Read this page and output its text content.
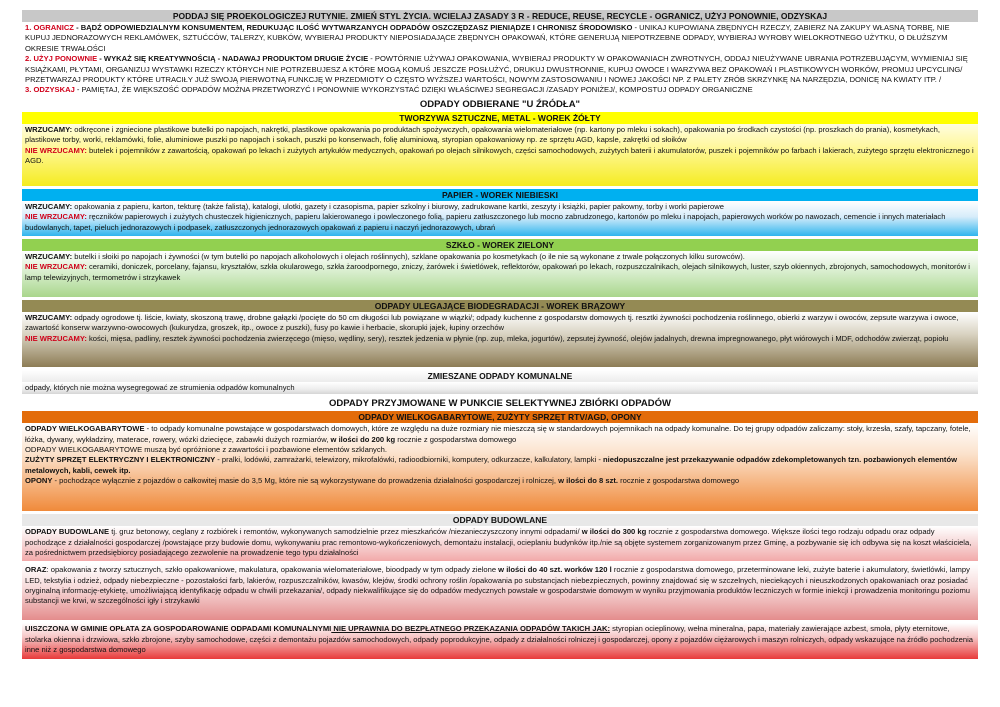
PODDAJ SIĘ PROEKOLOGICZEJ RUTYNIE. ZMIEŃ STYL ŻYCIA. WCIELAJ ZASADY 3 R - REDUCE, REUSE, RECYCLE - OGRANICZ, UŻYJ PONOWNIE, ODZYSKAJ
1. OGRANICZ - BĄDŹ ODPOWIEDZIALNYM KONSUMENTEM, REDUKUJĄC ILOŚĆ WYTWARZANYCH ODPADÓW OSZCZĘDZASZ PIENIĄDZE I CHRONISZ ŚRODOWISKO - UNIKAJ KUPOWIANA ZBĘDNYCH RZECZY, ZABIERZ NA ZAKUPY WŁASNĄ TORBĘ, NIE KUPUJ JEDNORAZOWYCH REKLAMÓWEK, SZTUĆCÓW, TALERZY, KUBKÓW, WYBIERAJ PRODUKTY NIEPOSIADAJĄCE ZBĘDNYCH OPAKOWAŃ, KTÓRE GENERUJĄ NIEPOTRZEBNE ODPADY, WYBIERAJ WYROBY WIELOKROTNEGO UŻYTKU, O DŁUŻSZYM OKRESIE TRWAŁOŚCI
2. UŻYJ PONOWNIE - WYKAŻ SIĘ KREATYWNOŚCIĄ - NADAWAJ PRODUKTOM DRUGIE ŻYCIE - POWTÓRNIE UŻYWAJ OPAKOWANIA, WYBIERAJ PRODUKTY W OPAKOWANIACH ZWROTNYCH, ODDAJ NIEUŻYWANE UBRANIA POTRZEBUJĄCYM, WYMIENIAJ SIĘ KSIĄŻKAMI, PŁYTAMI, ORGANIZUJ WYSTAWKI RZECZY KTÓRYCH NIE POTRZEBUJESZ A KTÓRE MOGĄ KOMUŚ JESZCZE POSŁUŻYĆ, DRUKUJ DWUSTRONNIE, KUPUJ OWOCE I WARZYWA BEZ OPAKOWAŃ I PLASTIKOWYCH WORKÓW, PROMUJ UPCYCLING/ PRZETWARZAJ PRODUKTY KTÓRE UTRACIŁY JUŻ SWOJĄ PIERWOTNĄ FUNKCJĘ W PRZEDMIOTY O CZĘSTO WYŻSZEJ WARTOŚCI, NOWYM ZASTOSOWANIU I NOWEJ JAKOŚCI NP. Z PALETY ZRÓB SKRZYNKĘ NA NARZĘDZIA, DONICĘ NA KWIATY ITP. /
3. ODZYSKAJ - PAMIĘTAJ, ŻE WIĘKSZOŚĆ ODPADÓW MOŻNA PRZETWORZYĆ I PONOWNIE WYKORZYSTAĆ DZIĘKI WŁAŚCIWEJ SEGREGACJI /ZASADY PONIŻEJ/, KOMPOSTUJ ODPADY ORGANICZNE
ODPADY ODBIERANE "U ŹRÓDŁA"
TWORZYWA SZTUCZNE, METAL - WOREK ŻÓŁTY
WRZUCAMY: odkręcone i zgniecione plastikowe butelki po napojach, nakrętki, plastikowe opakowania po produktach spożywczych, opakowania wielomateriałowe (np. kartony po mleku i sokach), opakowania po środkach czystości (np. proszkach do prania), kosmetykach, plastikowe torby, worki, reklamówki, folie, aluminiowe puszki po napojach i sokach, puszki po konserwach, folię aluminiową, styropian opakowaniowy np. ze sprzętu AGD, kapsle, zakrętki od słoików
NIE WRZUCAMY: butelek i pojemników z zawartością, opakowań po lekach i zużytych artykułów medycznych, opakowań po olejach silnikowych, części samochodowych, zużytych baterii i akumulatorów, puszek i pojemników po farbach i lakierach, zużytego sprzętu elektronicznego i AGD.
PAPIER - WOREK NIEBIESKI
WRZUCAMY: opakowania z papieru, karton, tekturę (także falistą), katalogi, ulotki, gazety i czasopisma, papier szkolny i biurowy, zadrukowane kartki, zeszyty i książki, papier pakowny, torby i worki papierowe
NIE WRZUCAMY: ręczników papierowych i zużytych chusteczek higienicznych, papieru lakierowanego i powleczonego folią, papieru zatłuszczonego lub mocno zabrudzonego, kartonów po mleku i napojach, papierowych worków po nawozach, cemencie i innych materiałach budowlanych, tapet, pieluch jednorazowych i podpasek, zatłuszczonych jednorazowych opakowań z papieru i naczyń jednorazowych, ubrań
SZKŁO - WOREK ZIELONY
WRZUCAMY: butelki i słoiki po napojach i żywności (w tym butelki po napojach alkoholowych i olejach roślinnych), szklane opakowania po kosmetykach (o ile nie są wykonane z trwale połączonych kilku surowców).
NIE WRZUCAMY: ceramiki, doniczek, porcelany, fajansu, kryształów, szkła okularowego, szkła żaroodpornego, zniczy, żarówek i świetlówek, reflektorów, opakowań po lekach, rozpuszczalnikach, olejach silnikowych, luster, szyb okiennych, zbrojonych, samochodowych, monitorów i lamp telewizyjnych, termometrów i strzykawek
ODPADY ULEGAJĄCE BIODEGRADACJI - WOREK BRĄZOWY
WRZUCAMY: odpady ogrodowe tj. liście, kwiaty, skoszoną trawę, drobne gałązki /pocięte do 50 cm długości lub powiązane w wiązki/; odpady kuchenne z gospodarstw domowych tj. resztki żywności pochodzenia roślinnego, obierki z warzyw i owoców, zepsute warzywa i owoce, zawartość konserw warzywno-owocowych (kukurydza, groszek, itp., owoce z puszki), fusy po kawie i herbacie, skorupki jajek, łupiny orzechów
NIE WRZUCAMY: kości, mięsa, padliny, resztek żywności pochodzenia zwierzęcego (mięso, wędliny, sery), resztek jedzenia w płynie (np. zup, mleka, jogurtów), zepsutej żywność, olejów jadalnych, drewna impregnowanego, płyt wiórowych i MDF, odchodów zwierząt, popiołu
ZMIESZANE ODPADY KOMUNALNE
odpady, których nie można wysegregować ze strumienia odpadów komunalnych
ODPADY PRZYJMOWANE W PUNKCIE SELEKTYWNEJ ZBIÓRKI ODPADÓW
ODPADY WIELKOGABARYTOWE, ZUŻYTY SPRZĘT RTV/AGD, OPONY
ODPADY WIELKOGABARYTOWE - to odpady komunalne powstające w gospodarstwach domowych, które ze względu na duże rozmiary nie mieszczą się w standardowych pojemnikach na odpady komunalne. Do tej grupy odpadów zaliczamy: stoły, krzesła, szafy, tapczany, fotele, łóżka, dywany, wykładziny, materace, rowery, wózki dziecięce, zabawki dużych rozmiarów, w ilości do 200 kg rocznie z gospodarstwa domowego
ODPADY WIELKOGABARYTOWE muszą być opróżnione z zawartości i pozbawione elementów szklanych.
ZUŻYTY SPRZĘT ELEKTRYCZNY I ELEKTRONICZNY - pralki, lodówki, zamrażarki, telewizory, mikrofalówki, radioodbiorniki, komputery, odkurzacze, kalkulatory, lampki - niedopuszczalne jest przekazywanie odpadów zdekompletowanych tzn. pozbawionych elementów metalowych, kabli, cewek itp.
OPONY - pochodzące wyłącznie z pojazdów o całkowitej masie do 3,5 Mg, które nie są wykorzystywane do prowadzenia działalności gospodarczej i rolniczej, w ilości do 8 szt. rocznie z gospodarstwa domowego
ODPADY BUDOWLANE
ODPADY BUDOWLANE tj. gruz betonowy, ceglany z rozbiórek i remontów, wykonywanych samodzielnie przez mieszkańców /niezanieczyszczony innymi odpadami/ w ilości do 300 kg rocznie z gospodarstwa domowego. Większe ilości tego rodzaju odpadu oraz odpady pochodzące z działalności gospodarczej /powstające przy budowie domu, wykonywaniu prac remontowo-wykończeniowych, demontażu instalacji, ocieplaniu budynków itp./nie są objęte systemem zorganizowanym przez Gminę, a pozbywanie się ich odbywa się na koszt właściciela, za pośrednictwem przedsiębiorcy posiadającego zezwolenie na prowadzenie tego typu działalności
ORAZ: opakowania z tworzy sztucznych, szkło opakowaniowe, makulatura, opakowania wielomateriałowe, bioodpady w tym odpady zielone w ilości do 40 szt. worków 120 l rocznie z gospodarstwa domowego, przeterminowane leki, zużyte baterie i akumulatory, świetlówki, lampy LED, tekstylia i odzież, odpady niebezpieczne - pozostałości farb, lakierów, rozpuszczalników, kwasów, klejów, środki ochrony roślin /opakowania po substancjach niebezpiecznych, powinny znajdować się w szczelnych, nieciekących i nieuszkodzonych opakowaniach oraz posiadać oryginalną informację-etykietę, umożliwiającą identyfikację odpadu w chwili przekazania/, odpady niekwalifikujące się do odpadów medycznych powstałe w gospodarstwie domowym w wyniku przyjmowania produktów leczniczych w formie iniekcji i prowadzenia monitoringu poziomu substancji we krwi, w szczególności igły i strzykawki
UISZCZONA W GMINIE OPŁATA ZA GOSPODAROWANIE ODPADAMI KOMUNALNYMI NIE UPRAWNIA DO BEZPŁATNEGO PRZEKAZANIA ODPADÓW TAKICH JAK: styropian ocieplinowy, wełna mineralna, papa, materiały zawierające azbest, smoła, płyty eternitowe, stolarka okienna i drzwiowa, szkło zbrojone, szyby samochodowe, części z demontażu pojazdów samochodowych, odpady poprodukcyjne, odpady z działalności rolniczej i gospodarczej, opony z pojazdów ciężarowych i maszyn rolniczych, odpady wskazujące na źródło pochodzenia inne niż z gospodarstwa domowego
